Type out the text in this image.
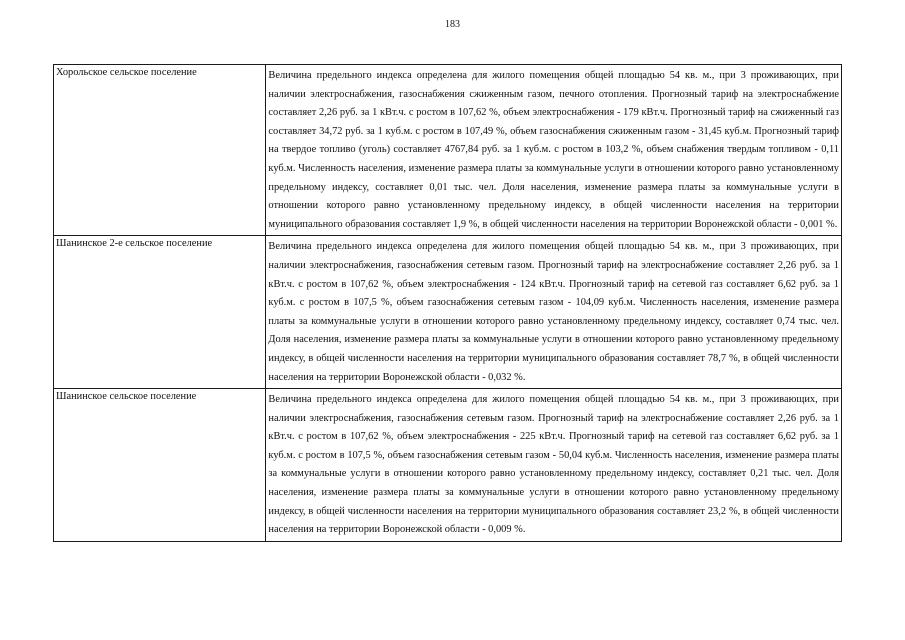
183
Хорольское сельское поселение	Величина предельного индекса определена для жилого помещения общей площадью 54 кв. м., при 3 проживающих, при наличии электроснабжения, газоснабжения сжиженным газом, печного отопления. Прогнозный тариф на электроснабжение составляет 2,26 руб. за 1 кВт.ч. с ростом в 107,62 %, объем электроснабжения - 179 кВт.ч. Прогнозный тариф на сжиженный газ составляет 34,72 руб. за 1 куб.м. с ростом в 107,49 %, объем газоснабжения сжиженным газом - 31,45 куб.м. Прогнозный тариф на твердое топливо (уголь) составляет 4767,84 руб. за 1 куб.м. с ростом в 103,2 %, объем снабжения твердым топливом - 0,11 куб.м. Численность населения, изменение размера платы за коммунальные услуги в отношении которого равно установленному предельному индексу, составляет 0,01 тыс. чел. Доля населения, изменение размера платы за коммунальные услуги в отношении которого равно установленному предельному индексу, в общей численности населения на территории муниципального образования составляет 1,9 %, в общей численности населения на территории Воронежской области - 0,001 %.

Шанинское 2-е сельское поселение	Величина предельного индекса определена для жилого помещения общей площадью 54 кв. м., при 3 проживающих, при наличии электроснабжения, газоснабжения сетевым газом. Прогнозный тариф на электроснабжение составляет 2,26 руб. за 1 кВт.ч. с ростом в 107,62 %, объем электроснабжения - 124 кВт.ч. Прогнозный тариф на сетевой газ составляет 6,62 руб. за 1 куб.м. с ростом в 107,5 %, объем газоснабжения сетевым газом - 104,09 куб.м. Численность населения, изменение размера платы за коммунальные услуги в отношении которого равно установленному предельному индексу, составляет 0,74 тыс. чел. Доля населения, изменение размера платы за коммунальные услуги в отношении которого равно установленному предельному индексу, в общей численности населения на территории муниципального образования составляет 78,7 %, в общей численности населения на территории Воронежской области - 0,032 %.

Шанинское сельское поселение	Величина предельного индекса определена для жилого помещения общей площадью 54 кв. м., при 3 проживающих, при наличии электроснабжения, газоснабжения сетевым газом. Прогнозный тариф на электроснабжение составляет 2,26 руб. за 1 кВт.ч. с ростом в 107,62 %, объем электроснабжения - 225 кВт.ч. Прогнозный тариф на сетевой газ составляет 6,62 руб. за 1 куб.м. с ростом в 107,5 %, объем газоснабжения сетевым газом - 50,04 куб.м. Численность населения, изменение размера платы за коммунальные услуги в отношении которого равно установленному предельному индексу, составляет 0,21 тыс. чел. Доля населения, изменение размера платы за коммунальные услуги в отношении которого равно установленному предельному индексу, в общей численности населения на территории муниципального образования составляет 23,2 %, в общей численности населения на территории Воронежской области - 0,009 %.
